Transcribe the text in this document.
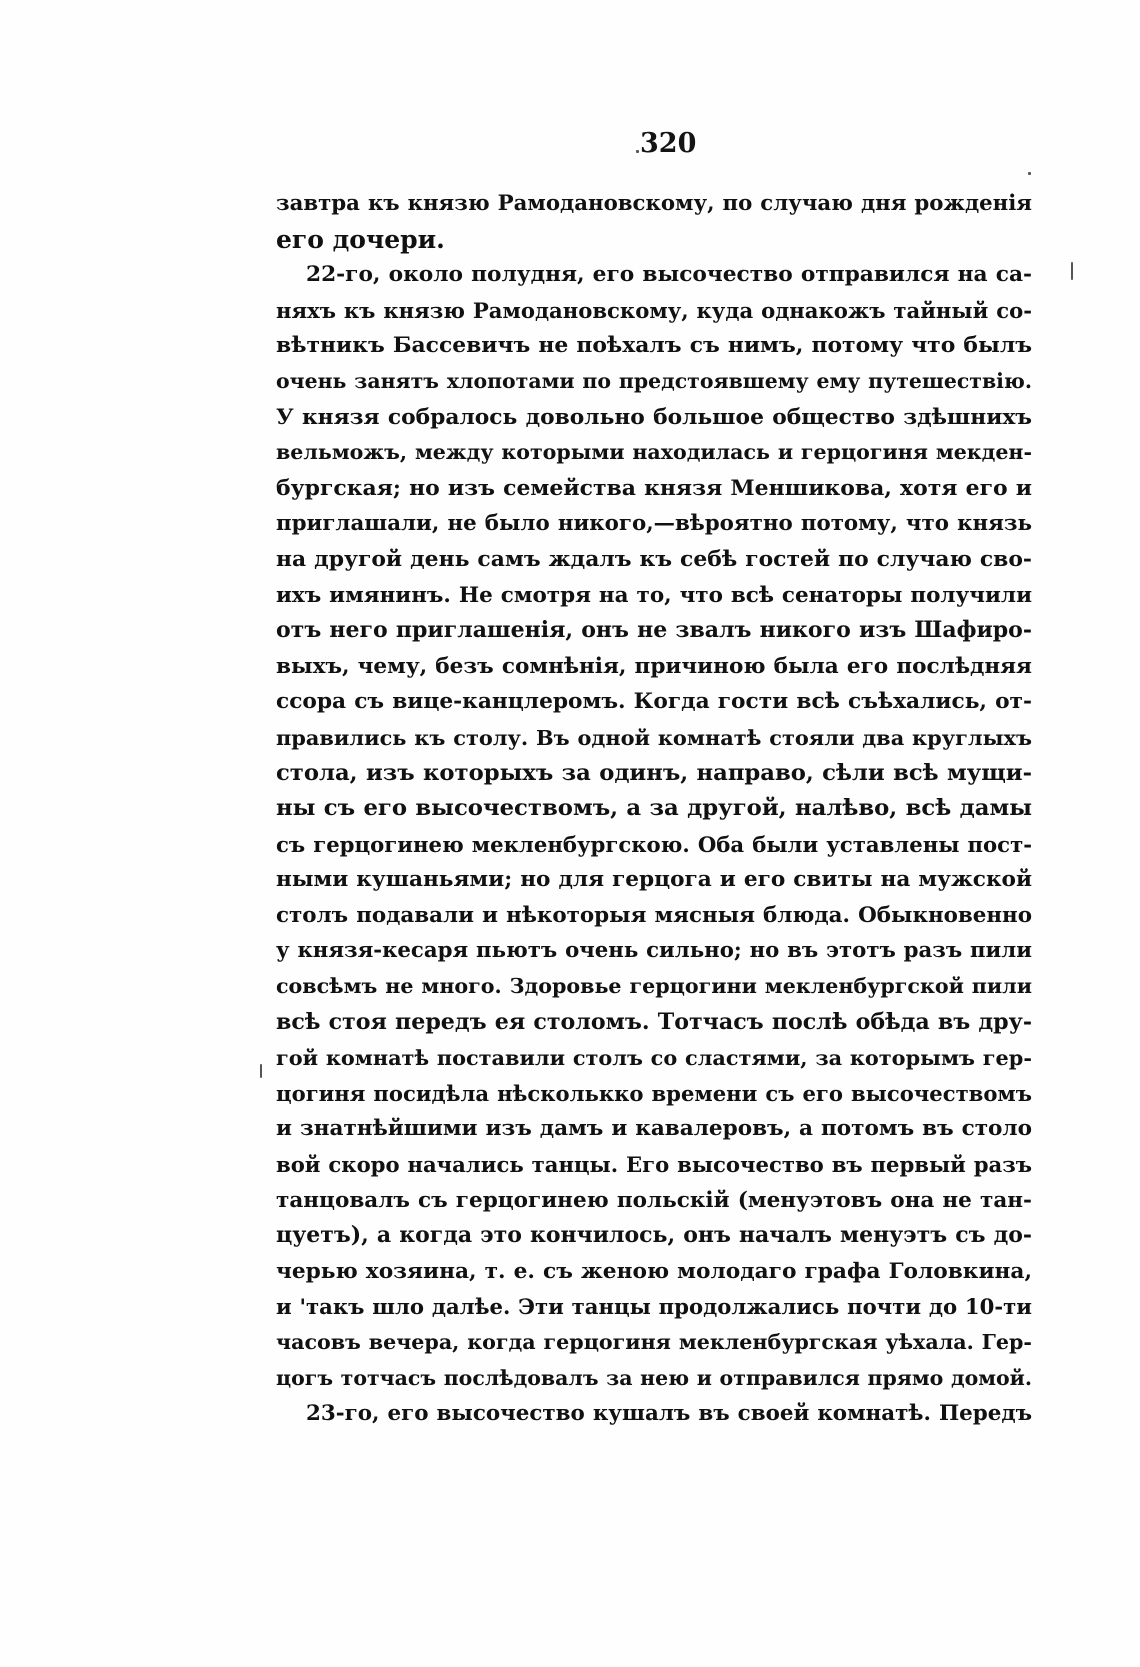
320
завтра къ князю Рамодановскому, по случаю дня рожденія
его дочери.
22-го, около полудня, его высочество отправился на са-
няхъ къ князю Рамодановскому, куда однакожъ тайный со-
вѣтникъ Бассевичъ не поѣхалъ съ нимъ, потому что былъ
очень занятъ хлопотами по предстоявшему ему путешествію.
У князя собралось довольно большое общество здѣшнихъ
вельможъ, между которыми находилась и герцогиня мекден-
бургская; но изъ семейства князя Меншикова, хотя его и
приглашали, не было никого,—вѣроятно потому, что князь
на другой день самъ ждалъ къ себѣ гостей по случаю сво-
ихъ имянинъ. Не смотря на то, что всѣ сенаторы получили
отъ него приглашенія, онъ не звалъ никого изъ Шафиро-
выхъ, чему, безъ сомнѣнія, причиною была его послѣдняя
ссора съ вице-канцлеромъ. Когда гости всѣ съѣхались, от-
правились къ столу. Въ одной комнатѣ стояли два круглыхъ
стола, изъ которыхъ за одинъ, направо, сѣли всѣ мущи-
ны съ его высочествомъ, а за другой, налѣво, всѣ дамы
съ герцогинею мекленбургскою. Оба были уставлены пост-
ными кушаньями; но для герцога и его свиты на мужской
столъ подавали и нѣкоторыя мясныя блюда. Обыкновенно
у князя-кесаря пьютъ очень сильно; но въ этотъ разъ пили
совсѣмъ не много. Здоровье герцогини мекленбургской пили
всѣ стоя передъ ея столомъ. Тотчасъ послѣ обѣда въ дру-
гой комнатѣ поставили столъ со сластями, за которымъ гер-
цогиня посидѣла нѣсколькко времени съ его высочествомъ
и знатнѣйшими изъ дамъ и кавалеровъ, а потомъ въ столо
вой скоро начались танцы. Его высочество въ первый разъ
танцовалъ съ герцогинею польскій (менуэтовъ она не тан-
цуетъ), а когда это кончилось, онъ началъ менуэтъ съ до-
черью хозяина, т. е. съ женою молодаго графа Головкина,
и 'такъ шло далѣе. Эти танцы продолжались почти до 10-ти
часовъ вечера, когда герцогиня мекленбургская уѣхала. Гер-
цогъ тотчасъ послѣдовалъ за нею и отправился прямо домой.
23-го, его высочество кушалъ въ своей комнатѣ. Передъ
